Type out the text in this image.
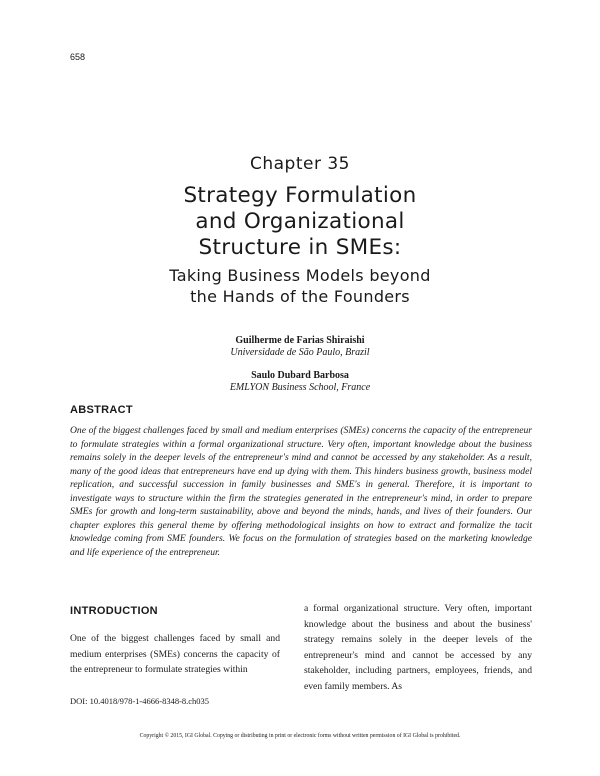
658
Chapter 35
Strategy Formulation
and Organizational
Structure in SMEs:
Taking Business Models beyond
the Hands of the Founders
Guilherme de Farias Shiraishi
Universidade de São Paulo, Brazil
Saulo Dubard Barbosa
EMLYON Business School, France
ABSTRACT
One of the biggest challenges faced by small and medium enterprises (SMEs) concerns the capacity of the entrepreneur to formulate strategies within a formal organizational structure. Very often, important knowledge about the business remains solely in the deeper levels of the entrepreneur's mind and cannot be accessed by any stakeholder. As a result, many of the good ideas that entrepreneurs have end up dying with them. This hinders business growth, business model replication, and successful succession in family businesses and SME's in general. Therefore, it is important to investigate ways to structure within the firm the strategies generated in the entrepreneur's mind, in order to prepare SMEs for growth and long-term sustainability, above and beyond the minds, hands, and lives of their founders. Our chapter explores this general theme by offering methodological insights on how to extract and formalize the tacit knowledge coming from SME founders. We focus on the formulation of strategies based on the marketing knowledge and life experience of the entrepreneur.
INTRODUCTION
One of the biggest challenges faced by small and medium enterprises (SMEs) concerns the capacity of the entrepreneur to formulate strategies within
a formal organizational structure. Very often, important knowledge about the business and about the business' strategy remains solely in the deeper levels of the entrepreneur's mind and cannot be accessed by any stakeholder, including partners, employees, friends, and even family members. As
DOI: 10.4018/978-1-4666-8348-8.ch035
Copyright © 2015, IGI Global. Copying or distributing in print or electronic forms without written permission of IGI Global is prohibited.
